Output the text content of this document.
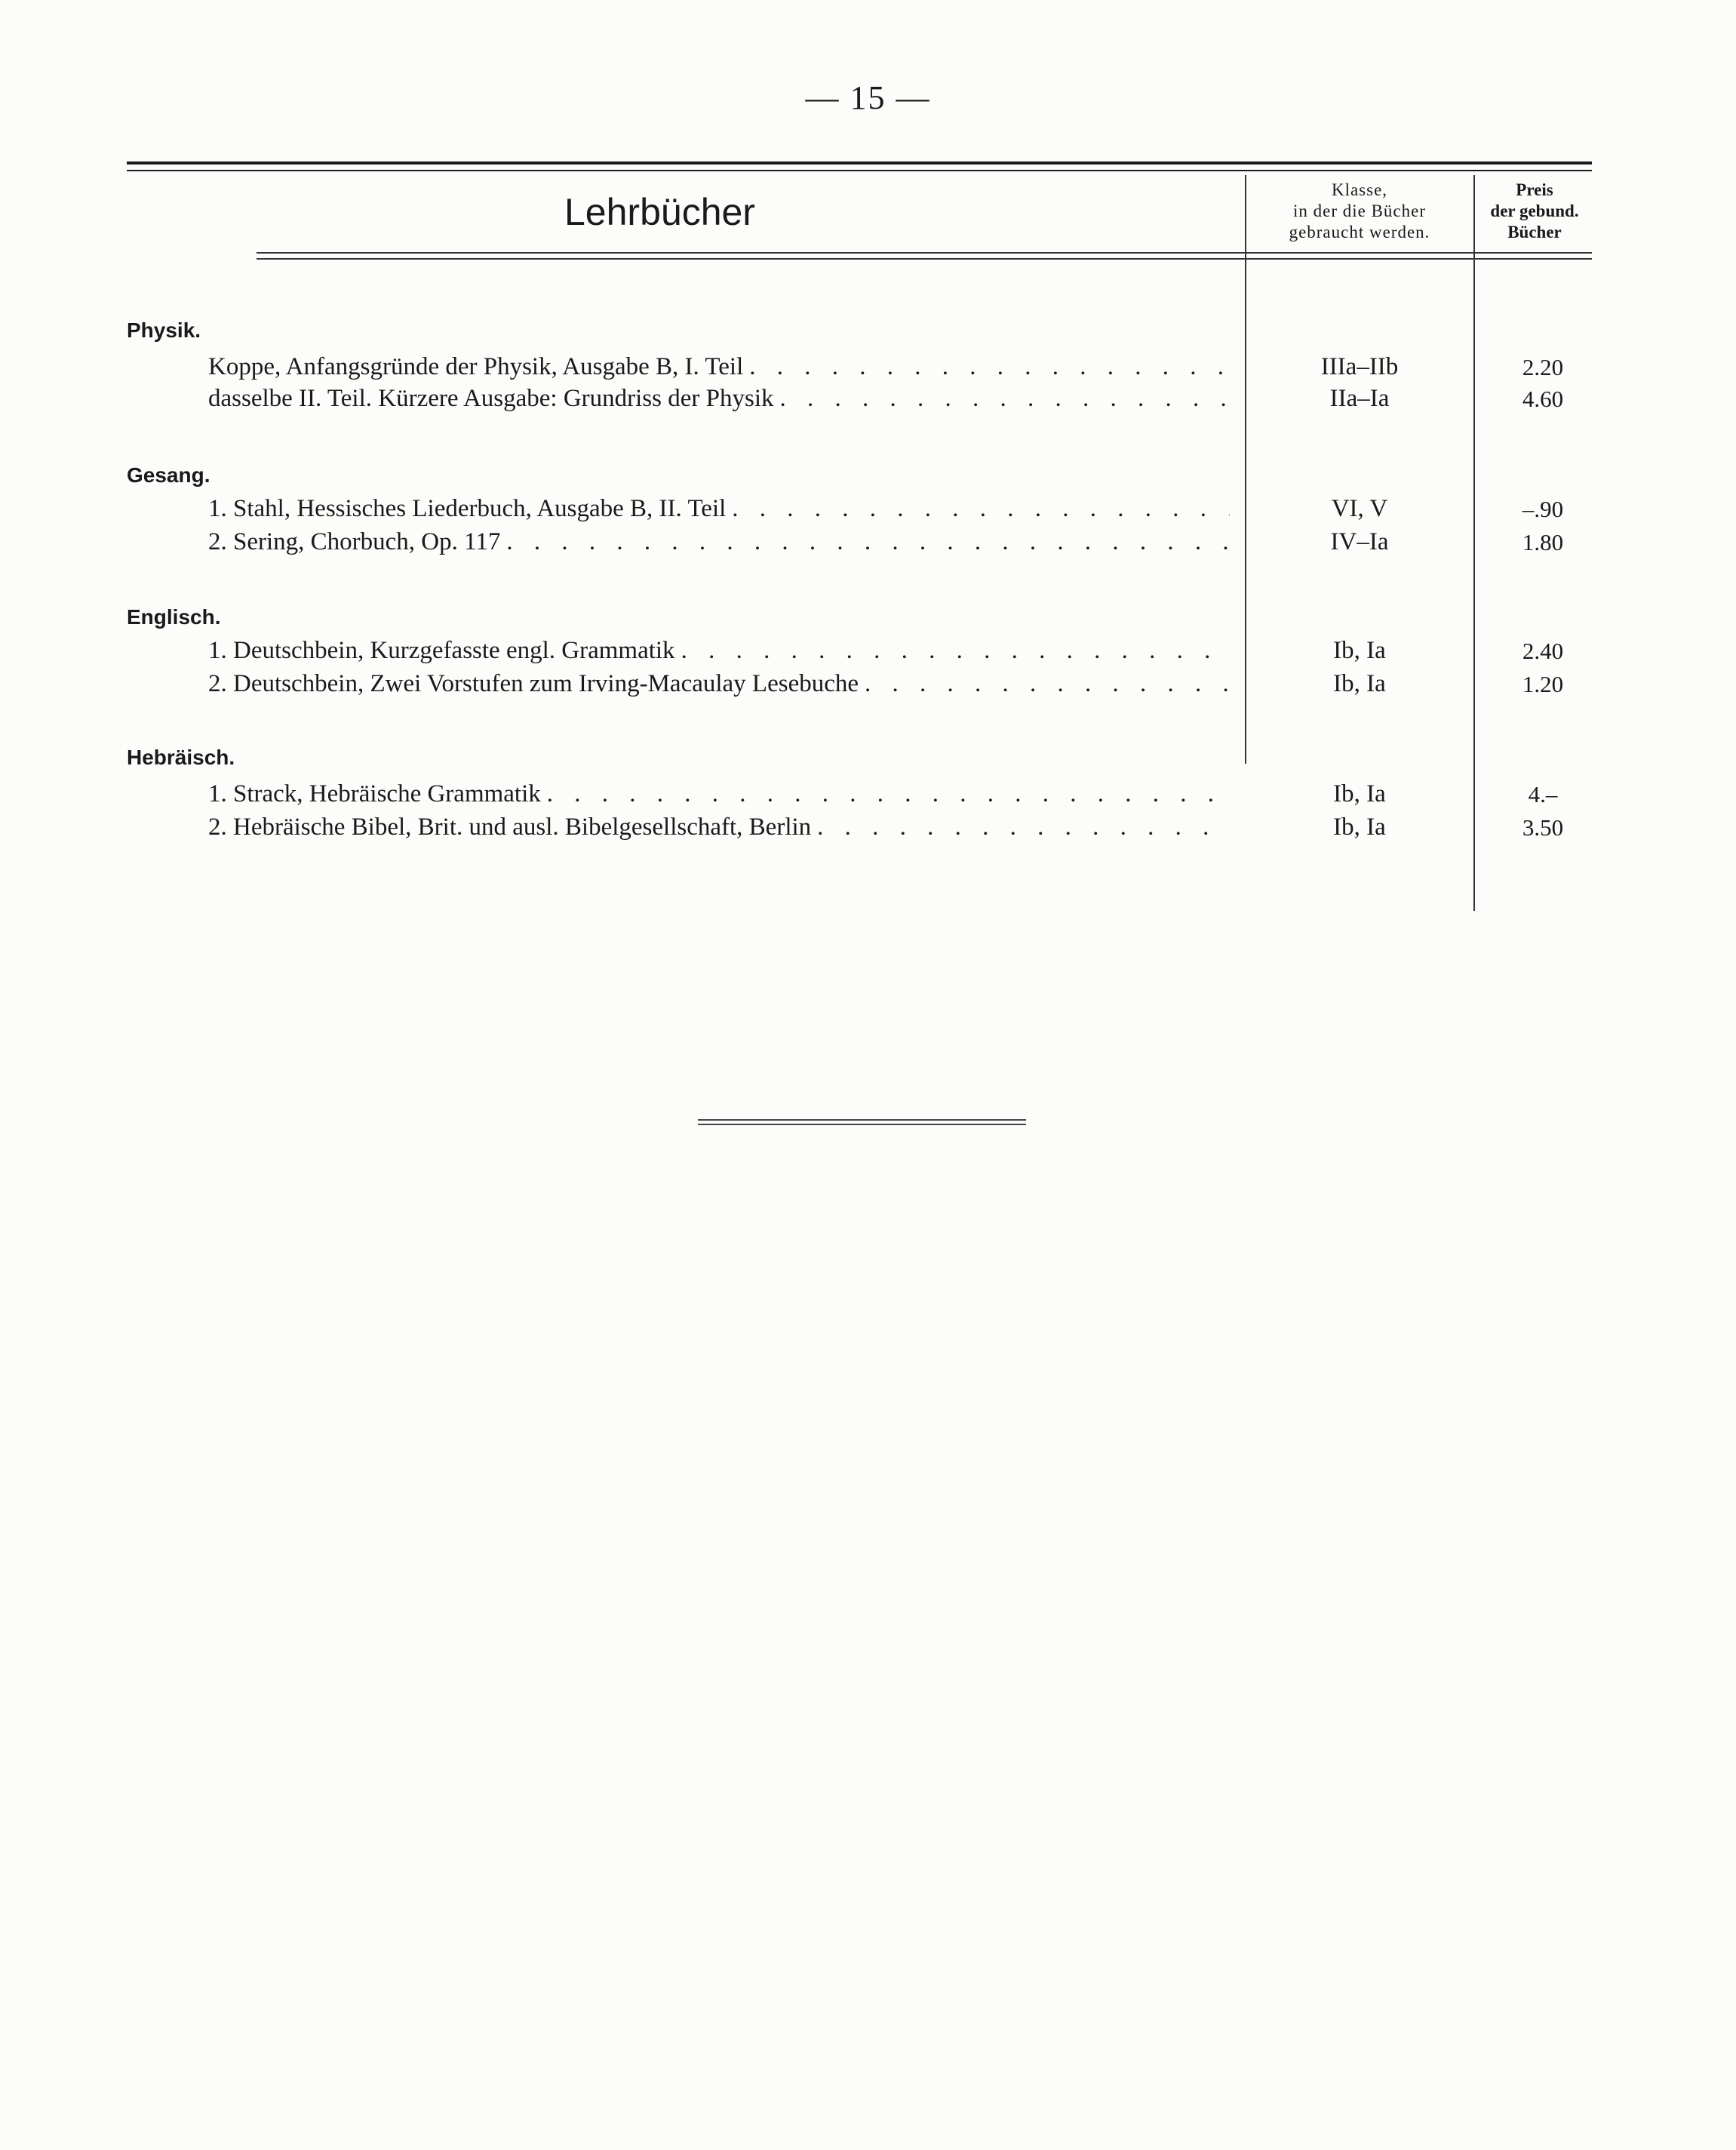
— 15 —
Lehrbücher
Klasse,
in der die Bücher
gebraucht werden.
Preis
der gebund.
Bücher
Physik.
Koppe, Anfangsgründe der Physik, Ausgabe B, I. Teil . . .	IIIa–IIb	2.20
dasselbe II. Teil. Kürzere Ausgabe: Grundriss der Physik . . .	IIa–Ia	4.60
Gesang.
1. Stahl, Hessisches Liederbuch, Ausgabe B, II. Teil . . .	VI, V	–.90
2. Sering, Chorbuch, Op. 117 . . .	IV–Ia	1.80
Englisch.
1. Deutschbein, Kurzgefasste engl. Grammatik . . .	Ib, Ia	2.40
2. Deutschbein, Zwei Vorstufen zum Irving-Macaulay Lesebuche . . .	Ib, Ia	1.20
Hebräisch.
1. Strack, Hebräische Grammatik . . .	Ib, Ia	4.–
2. Hebräische Bibel, Brit. und ausl. Bibelgesellschaft, Berlin . . .	Ib, Ia	3.50
